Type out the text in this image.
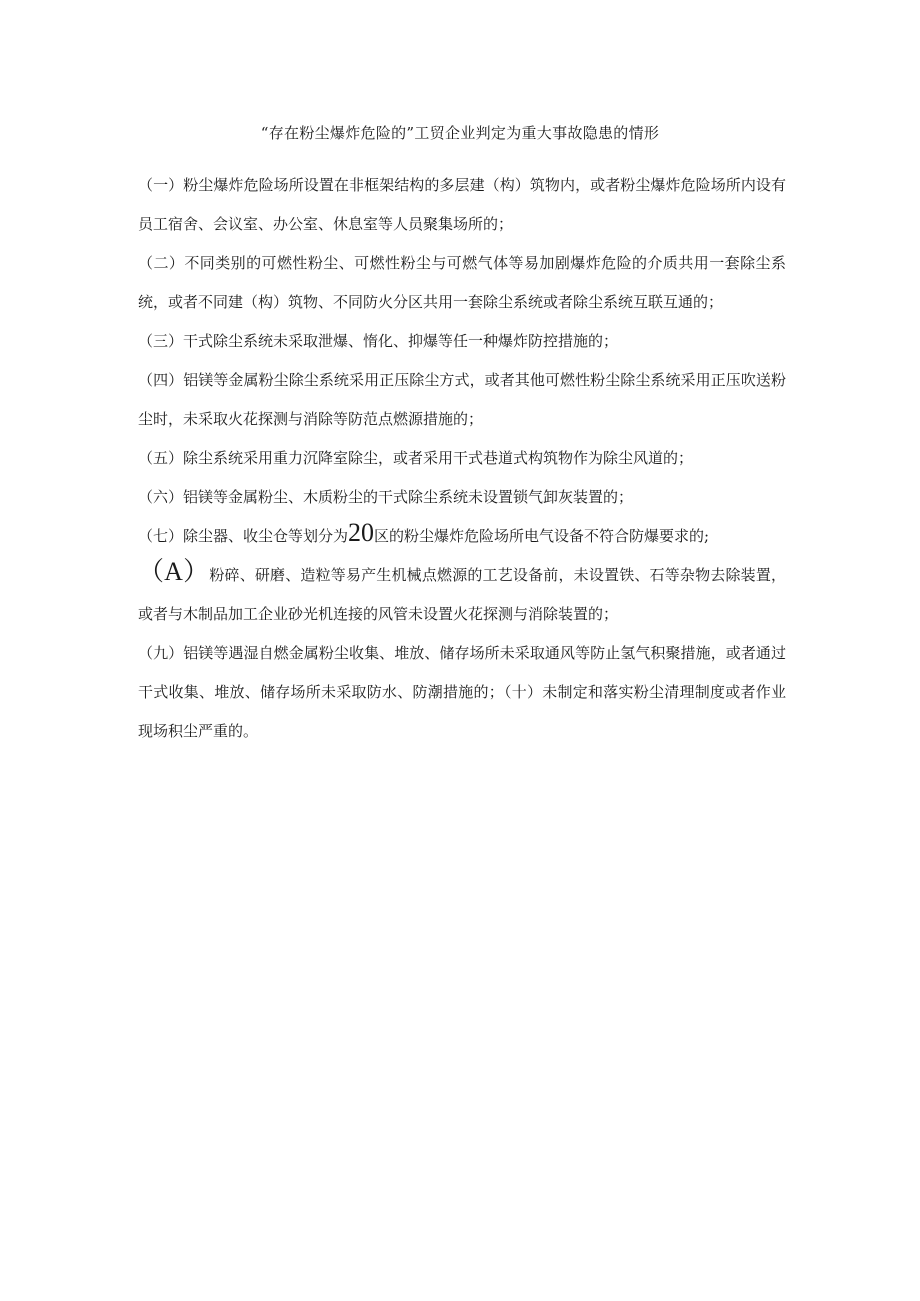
“存在粉尘爆炸危险的”工贸企业判定为重大事故隐患的情形

（一）粉尘爆炸危险场所设置在非框架结构的多层建（构）筑物内，或者粉尘爆炸危险场所内设有员工宿舍、会议室、办公室、休息室等人员聚集场所的；

（二）不同类别的可燃性粉尘、可燃性粉尘与可燃气体等易加剧爆炸危险的介质共用一套除尘系统，或者不同建（构）筑物、不同防火分区共用一套除尘系统或者除尘系统互联互通的；

（三）干式除尘系统未采取泄爆、惰化、抑爆等任一种爆炸防控措施的；

（四）铝镁等金属粉尘除尘系统采用正压除尘方式，或者其他可燃性粉尘除尘系统采用正压吹送粉尘时，未采取火花探测与消除等防范点燃源措施的；

（五）除尘系统采用重力沉降室除尘，或者采用干式巷道式构筑物作为除尘风道的；

（六）铝镁等金属粉尘、木质粉尘的干式除尘系统未设置锁气卸灰装置的；

（七）除尘器、收尘仓等划分为20区的粉尘爆炸危险场所电气设备不符合防爆要求的;

（A）粉碎、研磨、造粒等易产生机械点燃源的工艺设备前，未设置铁、石等杂物去除装置，或者与木制品加工企业砂光机连接的风管未设置火花探测与消除装置的；

（九）铝镁等遇湿自燃金属粉尘收集、堆放、储存场所未采取通风等防止氢气积聚措施，或者通过干式收集、堆放、储存场所未采取防水、防潮措施的；（十）未制定和落实粉尘清理制度或者作业现场积尘严重的。
